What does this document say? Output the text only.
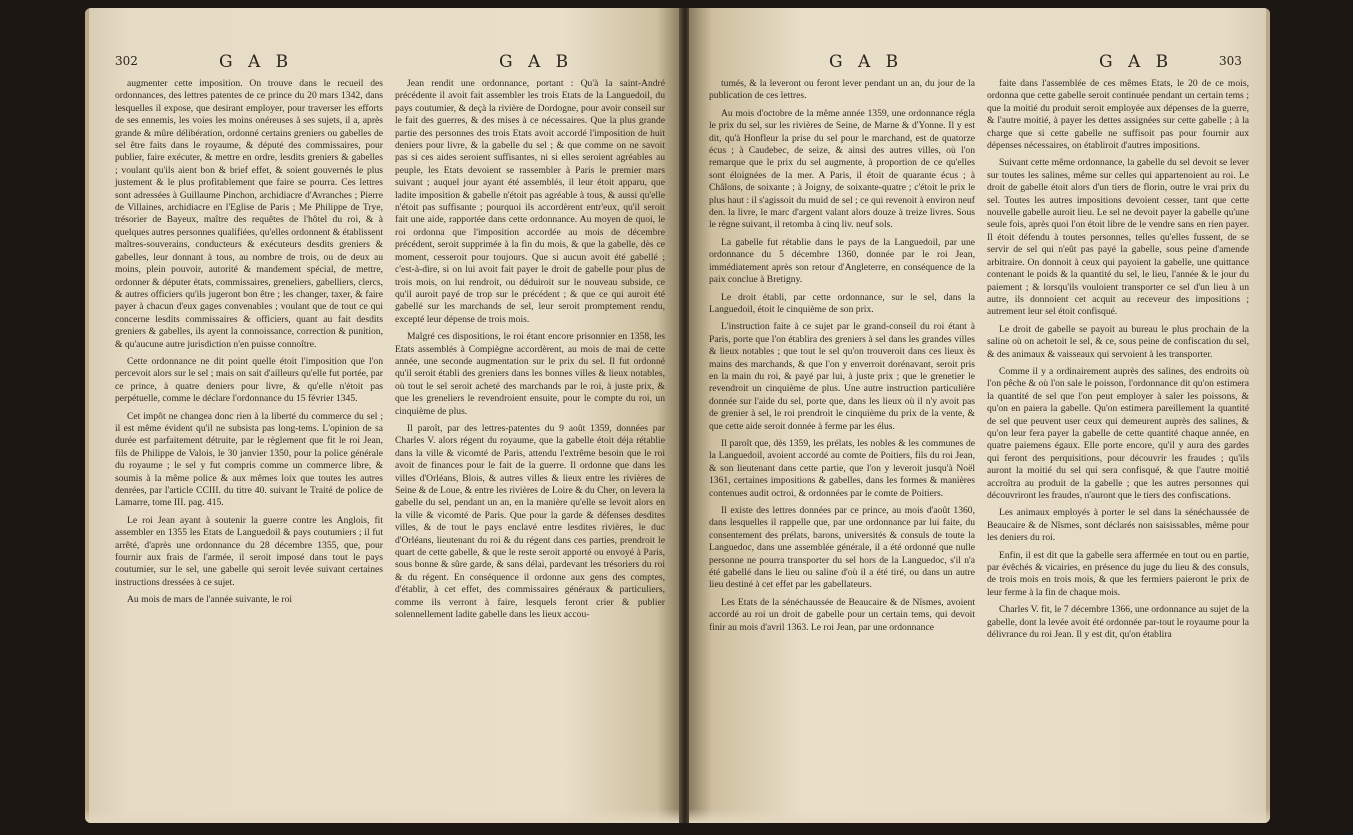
302	G A B	G A B

augmenter cette imposition. On trouve dans le recueil des ordonnances, des lettres patentes de ce prince du 20 mars 1342, dans lesquelles il expose, que desirant employer, pour traverser les efforts de ses ennemis, les voies les moins onéreuses à ses sujets, il a, après grande & mûre délibération, ordonné certains greniers ou gabelles de sel être faits dans le royaume, & député des commissaires, pour publier, faire exécuter, & mettre en ordre, lesdits greniers & gabelles ; voulant qu'ils aient bon & brief effet, & soient gouvernés le plus justement & le plus profitablement que faire se pourra. Ces lettres sont adressées à Guillaume Pinchon, archidiacre d'Avranches ; Pierre de Villaines, archidiacre en l'Eglise de Paris ; Me Philippe de Trye, trésorier de Bayeux, maître des requêtes de l'hôtel du roi, & à quelques autres personnes qualifiées, qu'elles ordonnent & établissent maîtres-souverains, conducteurs & exécuteurs desdits greniers & gabelles, leur donnant à tous, au nombre de trois, ou de deux au moins, plein pouvoir, autorité & mandement spécial, de mettre, ordonner & députer états, commissaires, greneliers, gabelliers, clercs, & autres officiers qu'ils jugeront bon être ; les changer, taxer, & faire payer à chacun d'eux gages convenables ; voulant que de tout ce qui concerne lesdits commissaires & officiers, quant au fait desdits greniers & gabelles, ils ayent la connoissance, correction & punition, & qu'aucune autre jurisdiction n'en puisse connoître.

Cette ordonnance ne dit point quelle étoit l'imposition que l'on percevoit alors sur le sel ; mais on sait d'ailleurs qu'elle fut portée, par ce prince, à quatre deniers pour livre, & qu'elle n'étoit pas perpétuelle, comme le déclare l'ordonnance du 15 février 1345.

Cet impôt ne changea donc rien à la liberté du commerce du sel ; il est même évident qu'il ne subsista pas long-tems. L'opinion de sa durée est parfaitement détruite, par le règlement que fit le roi Jean, fils de Philippe de Valois, le 30 janvier 1350, pour la police générale du royaume ; le sel y fut compris comme un commerce libre, & soumis à la même police & aux mêmes loix que toutes les autres denrées, par l'article CCIII. du titre 40. suivant le Traité de police de Lamarre, tome III. pag. 415.

Le roi Jean ayant à soutenir la guerre contre les Anglois, fit assembler en 1355 les Etats de Languedoil & pays coutumiers ; il fut arrêté, d'après une ordonnance du 28 décembre 1355, que, pour fournir aux frais de l'armée, il seroit imposé dans tout le pays coutumier, sur le sel, une gabelle qui seroit levée suivant certaines instructions dressées à ce sujet.

Au mois de mars de l'année suivante, le roi

Jean rendit une ordonnance, portant : Qu'à la saint-André précédente il avoit fait assembler les trois Etats de la Languedoil, du pays coutumier, & deçà la rivière de Dordogne, pour avoir conseil sur le fait des guerres, & des mises à ce nécessaires. Que la plus grande partie des personnes des trois Etats avoit accordé l'imposition de huit deniers pour livre, & la gabelle du sel ; & que comme on ne savoit pas si ces aides seroient suffisantes, ni si elles seroient agréables au peuple, les Etats devoient se rassembler à Paris le premier mars suivant ; auquel jour ayant été assemblés, il leur étoit apparu, que ladite imposition & gabelle n'étoit pas agréable à tous, & aussi qu'elle n'étoit pas suffisante ; pourquoi ils accordèrent entr'eux, qu'il seroit fait une aide, rapportée dans cette ordonnance. Au moyen de quoi, le roi ordonna que l'imposition accordée au mois de décembre précédent, seroit supprimée à la fin du mois, & que la gabelle, dès ce moment, cesseroit pour toujours. Que si aucun avoit été gabellé ; c'est-à-dire, si on lui avoit fait payer le droit de gabelle pour plus de trois mois, on lui rendroit, ou déduiroit sur le nouveau subside, ce qu'il auroit payé de trop sur le précédent ; & que ce qui auroit été gabellé sur les marchands de sel, leur seroit promptement rendu, excepté leur dépense de trois mois.

Malgré ces dispositions, le roi étant encore prisonnier en 1358, les Etats assemblés à Compiègne accordèrent, au mois de mai de cette année, une seconde augmentation sur le prix du sel. Il fut ordonné qu'il seroit établi des greniers dans les bonnes villes & lieux notables, où tout le sel seroit acheté des marchands par le roi, à juste prix, & que les greneliers le revendroient ensuite, pour le compte du roi, un cinquième de plus.

Il paroît, par des lettres-patentes du 9 août 1359, données par Charles V. alors régent du royaume, que la gabelle étoit déja rétablie dans la ville & vicomté de Paris, attendu l'extrême besoin que le roi avoit de finances pour le fait de la guerre. Il ordonne que dans les villes d'Orléans, Blois, & autres villes & lieux entre les rivières de Seine & de Loue, & entre les rivières de Loire & du Cher, on levera la gabelle du sel, pendant un an, en la manière qu'elle se levoit alors en la ville & vicomté de Paris. Que pour la garde & défenses desdites villes, & de tout le pays enclavé entre lesdites rivières, le duc d'Orléans, lieutenant du roi & du régent dans ces parties, prendroit le quart de cette gabelle, & que le reste seroit apporté ou envoyé à Paris, sous bonne & sûre garde, & sans délai, pardevant les trésoriers du roi & du régent. En conséquence il ordonne aux gens des comptes, d'établir, à cet effet, des commissaires généraux & particuliers, comme ils verront à faire, lesquels feront crier & publier solennellement ladite gabelle dans les lieux accou-

G A B	G A B	303

tumés, & la leveront ou feront lever pendant un an, du jour de la publication de ces lettres.

Au mois d'octobre de la même année 1359, une ordonnance régla le prix du sel, sur les rivières de Seine, de Marne & d'Yonne. Il y est dit, qu'à Honfleur la prise du sel pour le marchand, est de quatorze écus ; à Caudebec, de seize, & ainsi des autres villes, où l'on remarque que le prix du sel augmente, à proportion de ce qu'elles sont éloignées de la mer. A Paris, il étoit de quarante écus ; à Châlons, de soixante ; à Joigny, de soixante-quatre ; c'étoit le prix le plus haut : il s'agissoit du muid de sel ; ce qui revenoit à environ neuf den. la livre, le marc d'argent valant alors douze à treize livres. Sous le règne suivant, il retomba à cinq liv. neuf sols.

La gabelle fut rétablie dans le pays de la Languedoil, par une ordonnance du 5 décembre 1360, donnée par le roi Jean, immédiatement après son retour d'Angleterre, en conséquence de la paix conclue à Bretigny.

Le droit établi, par cette ordonnance, sur le sel, dans la Languedoil, étoit le cinquième de son prix.

L'instruction faite à ce sujet par le grand-conseil du roi étant à Paris, porte que l'on établira des greniers à sel dans les grandes villes & lieux notables ; que tout le sel qu'on trouveroit dans ces lieux ès mains des marchands, & que l'on y enverroit dorénavant, seroit pris en la main du roi, & payé par lui, à juste prix ; que le grenetier le revendroit un cinquième de plus. Une autre instruction particulière donnée sur l'aide du sel, porte que, dans les lieux où il n'y avoit pas de grenier à sel, le roi prendroit le cinquième du prix de la vente, & que cette aide seroit donnée à ferme par les élus.

Il paroît que, dès 1359, les prélats, les nobles & les communes de la Languedoil, avoient accordé au comte de Poitiers, fils du roi Jean, & son lieutenant dans cette partie, que l'on y leveroit jusqu'à Noël 1361, certaines impositions & gabelles, dans les formes & manières contenues audit octroi, & ordonnées par le comte de Poitiers.

Il existe des lettres données par ce prince, au mois d'août 1360, dans lesquelles il rappelle que, par une ordonnance par lui faite, du consentement des prélats, barons, universités & consuls de toute la Languedoc, dans une assemblée générale, il a été ordonné que nulle personne ne pourra transporter du sel hors de la Languedoc, s'il n'a été gabellé dans le lieu ou saline d'où il a été tiré, ou dans un autre lieu destiné à cet effet par les gabellateurs.

Les Etats de la sénéchaussée de Beaucaire & de Nîsmes, avoient accordé au roi un droit de gabelle pour un certain tems, qui devoit finir au mois d'avril 1363. Le roi Jean, par une ordonnance

faite dans l'assemblée de ces mêmes Etats, le 20 de ce mois, ordonna que cette gabelle seroit continuée pendant un certain tems ; que la moitié du produit seroit employée aux dépenses de la guerre, & l'autre moitié, à payer les dettes assignées sur cette gabelle ; à la charge que si cette gabelle ne suffisoit pas pour fournir aux dépenses nécessaires, on établiroit d'autres impositions.

Suivant cette même ordonnance, la gabelle du sel devoit se lever sur toutes les salines, même sur celles qui appartenoient au roi. Le droit de gabelle étoit alors d'un tiers de florin, outre le vrai prix du sel. Toutes les autres impositions devoient cesser, tant que cette nouvelle gabelle auroit lieu. Le sel ne devoit payer la gabelle qu'une seule fois, après quoi l'on étoit libre de le vendre sans en rien payer. Il étoit défendu à toutes personnes, telles qu'elles fussent, de se servir de sel qui n'eût pas payé la gabelle, sous peine d'amende arbitraire. On donnoit à ceux qui payoient la gabelle, une quittance contenant le poids & la quantité du sel, le lieu, l'année & le jour du paiement ; & lorsqu'ils vouloient transporter ce sel d'un lieu à un autre, ils donnoient cet acquit au receveur des impositions ; autrement leur sel étoit confisqué.

Le droit de gabelle se payoit au bureau le plus prochain de la saline où on achetoit le sel, & ce, sous peine de confiscation du sel, & des animaux & vaisseaux qui servoient à les transporter.

Comme il y a ordinairement auprès des salines, des endroits où l'on pêche & où l'on sale le poisson, l'ordonnance dit qu'on estimera la quantité de sel que l'on peut employer à saler les poissons, & qu'on en paiera la gabelle. Qu'on estimera pareillement la quantité de sel que peuvent user ceux qui demeurent auprès des salines, & qu'on leur fera payer la gabelle de cette quantité chaque année, en quatre paiemens égaux. Elle porte encore, qu'il y aura des gardes qui feront des perquisitions, pour découvrir les fraudes ; qu'ils auront la moitié du sel qui sera confisqué, & que l'autre moitié accroîtra au produit de la gabelle ; que les autres personnes qui découvriront les fraudes, n'auront que le tiers des confiscations.

Les animaux employés à porter le sel dans la sénéchaussée de Beaucaire & de Nîsmes, sont déclarés non saisissables, même pour les deniers du roi.

Enfin, il est dit que la gabelle sera affermée en tout ou en partie, par évêchés & vicairies, en présence du juge du lieu & des consuls, de trois mois en trois mois, & que les fermiers paieront le prix de leur ferme à la fin de chaque mois.

Charles V. fit, le 7 décembre 1366, une ordonnance au sujet de la gabelle, dont la levée avoit été ordonnée par-tout le royaume pour la délivrance du roi Jean. Il y est dit, qu'on établira
